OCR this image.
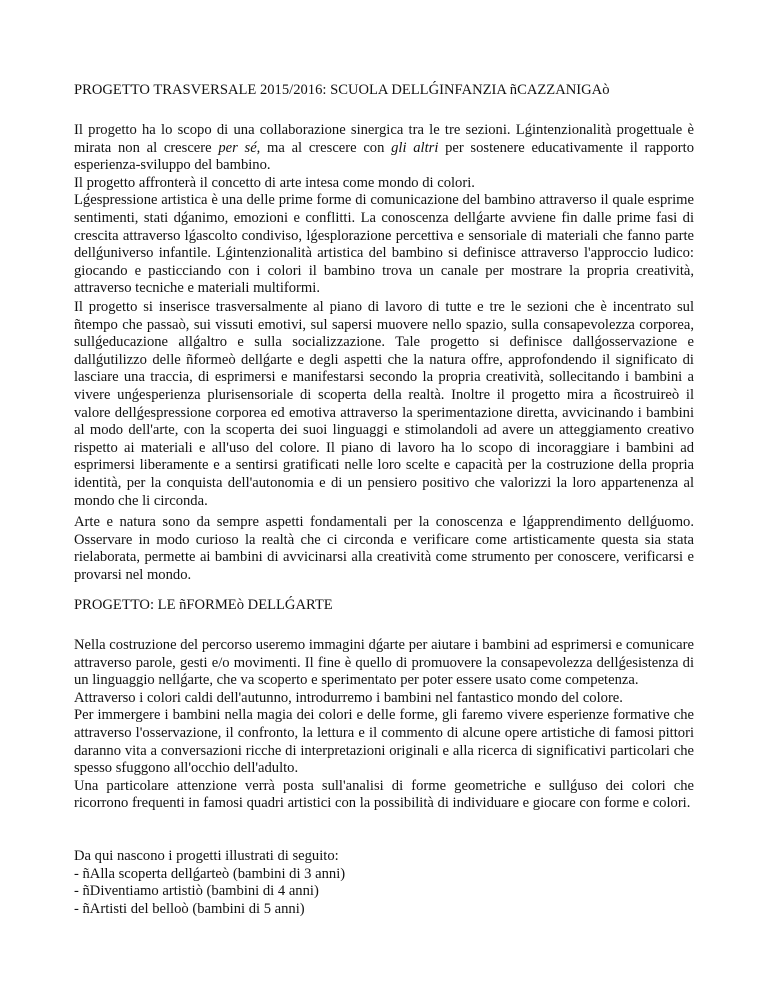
PROGETTO TRASVERSALE 2015/2016: SCUOLA DELLǴINFANZIA ñCAZZANIGAò

Il progetto ha lo scopo di una collaborazione sinergica tra le tre sezioni. Lǵintenzionalità progettuale è mirata non al crescere per sé, ma al crescere con gli altri per sostenere educativamente il rapporto esperienza-sviluppo del bambino.

Il progetto affronterà il concetto di arte intesa come mondo di colori.

Lǵespressione artistica è una delle prime forme di comunicazione del bambino attraverso il quale esprime sentimenti, stati dǵanimo, emozioni e conflitti. La conoscenza dellǵarte avviene fin dalle prime fasi di crescita attraverso lǵascolto condiviso, lǵesplorazione percettiva e sensoriale di materiali che fanno parte dellǵuniverso infantile. Lǵintenzionalità artistica del bambino si definisce attraverso l'approccio ludico: giocando e pasticciando con i colori il bambino trova un canale per mostrare la propria creatività, attraverso tecniche e materiali multiformi.

Il progetto si inserisce trasversalmente al piano di lavoro di tutte e tre le sezioni che è incentrato sul ñtempo che passaò, sui vissuti emotivi, sul sapersi muovere nello spazio, sulla consapevolezza corporea, sullǵeducazione allǵaltro e sulla socializzazione. Tale progetto si definisce dallǵosservazione e dallǵutilizzo delle ñformeò dellǵarte e degli aspetti che la natura offre, approfondendo il significato di lasciare una traccia, di esprimersi e manifestarsi secondo la propria creatività, sollecitando i bambini a vivere unǵesperienza plurisensoriale di scoperta della realtà. Inoltre il progetto mira a ñcostruireò il valore dellǵespressione corporea ed emotiva attraverso la sperimentazione diretta, avvicinando i bambini al modo dell'arte, con la scoperta dei suoi linguaggi e stimolandoli ad avere un atteggiamento creativo rispetto ai materiali e all'uso del colore. Il piano di lavoro ha lo scopo di incoraggiare i bambini ad esprimersi liberamente e a sentirsi gratificati nelle loro scelte e capacità per la costruzione della propria identità, per la conquista dell'autonomia e di un pensiero positivo che valorizzi la loro appartenenza al mondo che li circonda.

Arte e natura sono da sempre aspetti fondamentali per la conoscenza e lǵapprendimento dellǵuomo. Osservare in modo curioso la realtà che ci circonda e verificare come artisticamente questa sia stata rielaborata, permette ai bambini di avvicinarsi alla creatività come strumento per conoscere, verificarsi e provarsi nel mondo.

PROGETTO: LE ñFORMEò DELLǴARTE

Nella costruzione del percorso useremo immagini dǵarte per aiutare i bambini ad esprimersi e comunicare attraverso parole, gesti e/o movimenti. Il fine è quello di promuovere la consapevolezza dellǵesistenza di un linguaggio nellǵarte, che va scoperto e sperimentato per poter essere usato come competenza.

Attraverso i colori caldi dell'autunno, introdurremo i bambini nel fantastico mondo del colore.

Per immergere i bambini nella magia dei colori e delle forme, gli faremo vivere esperienze formative che attraverso l'osservazione, il confronto, la lettura e il commento di alcune opere artistiche di famosi pittori daranno vita a conversazioni ricche di interpretazioni originali e alla ricerca di significativi particolari che spesso sfuggono all'occhio dell'adulto.

Una particolare attenzione verrà posta sull'analisi di forme geometriche e sullǵuso dei colori che ricorrono frequenti in famosi quadri artistici con la possibilità di individuare e giocare con forme e colori.

Da qui nascono i progetti illustrati di seguito:
- ñAlla scoperta dellǵarteò (bambini di 3 anni)
- ñDiventiamo artistiò (bambini di 4 anni)
- ñArtisti del belloò (bambini di 5 anni)
